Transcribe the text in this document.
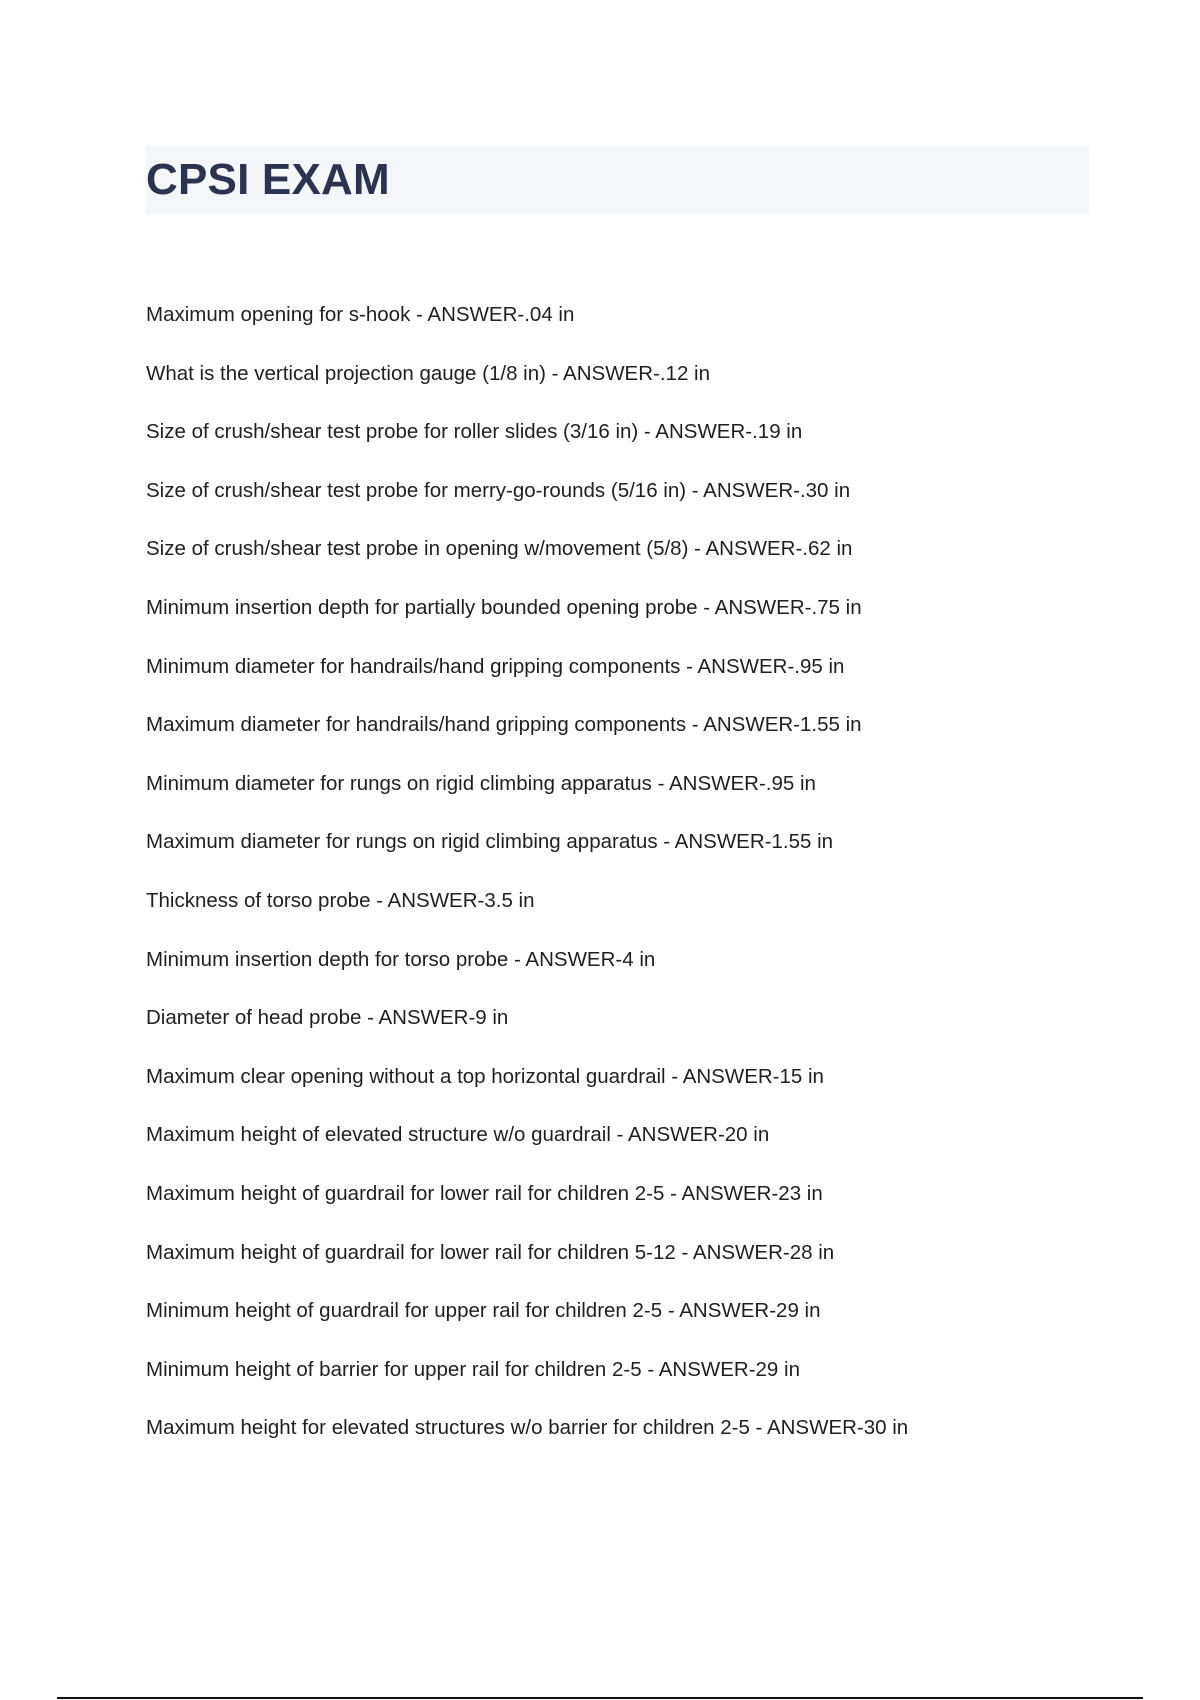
CPSI EXAM
Maximum opening for s-hook - ANSWER-.04 in
What is the vertical projection gauge (1/8 in) - ANSWER-.12 in
Size of crush/shear test probe for roller slides (3/16 in) - ANSWER-.19 in
Size of crush/shear test probe for merry-go-rounds (5/16 in) - ANSWER-.30 in
Size of crush/shear test probe in opening w/movement (5/8) - ANSWER-.62 in
Minimum insertion depth for partially bounded opening probe - ANSWER-.75 in
Minimum diameter for handrails/hand gripping components - ANSWER-.95 in
Maximum diameter for handrails/hand gripping components - ANSWER-1.55 in
Minimum diameter for rungs on rigid climbing apparatus - ANSWER-.95 in
Maximum diameter for rungs on rigid climbing apparatus - ANSWER-1.55 in
Thickness of torso probe - ANSWER-3.5 in
Minimum insertion depth for torso probe - ANSWER-4 in
Diameter of head probe - ANSWER-9 in
Maximum clear opening without a top horizontal guardrail - ANSWER-15 in
Maximum height of elevated structure w/o guardrail - ANSWER-20 in
Maximum height of guardrail for lower rail for children 2-5 - ANSWER-23 in
Maximum height of guardrail for lower rail for children 5-12 - ANSWER-28 in
Minimum height of guardrail for upper rail for children 2-5 - ANSWER-29 in
Minimum height of barrier for upper rail for children 2-5 - ANSWER-29 in
Maximum height for elevated structures w/o barrier for children 2-5 - ANSWER-30 in
